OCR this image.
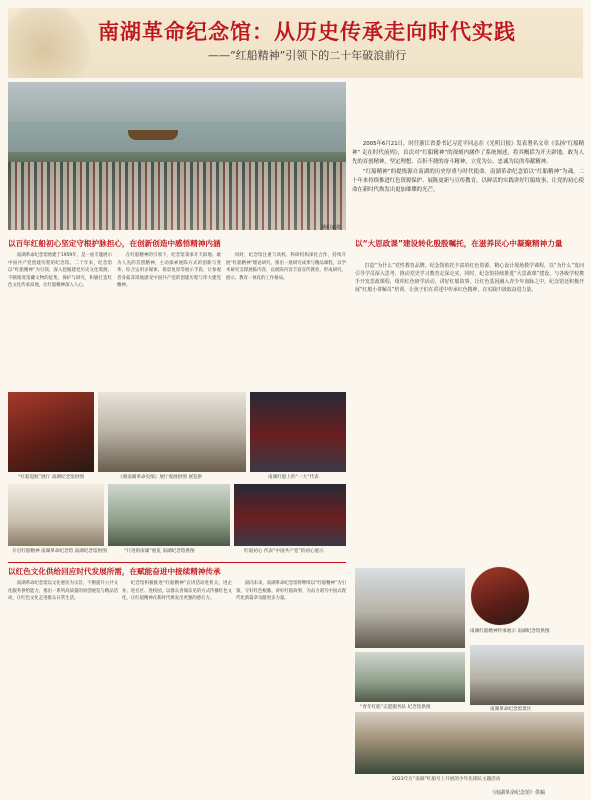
南湖革命纪念馆：从历史传承走向时代实践
——“红船精神”引领下的二十年破浪前行
潘明斌摄

2005年6月21日，时任浙江省委书记习近平同志在《光明日报》发表署名文章《弘扬“红船精神” 走在时代前列》，首次对“红船精神”的深刻内涵作了系统阐述，将其概括为开天辟地、敢为人先的首创精神，坚定理想、百折不挠的奋斗精神，立党为公、忠诚为民的奉献精神。

“红船精神”的提炼源自南湖的历史厚重与时代使命。南湖革命纪念馆以“红船精神”为魂，二十年来持续推进红色资源保护、展陈更新与宣传教育，以鲜活的实践讲好红船故事，让党的初心使命在新时代焕发出更加璀璨的光芒。

以百年红船初心坚定守根护脉担心，在创新创造中感悟精神内涵

南湖革命纪念馆始建于1959年，是一座专题展示中国共产党创建历程的纪念馆。二十年来，纪念馆以“红船精神”为引领，深入挖掘建党历史文化资源，不断推进馆藏文物的征集、保护与研究，积极打造红色文化传承高地，让红船精神深入人心。

在红船精神的引领下，纪念馆秉承开天辟地、敢为人先的首创精神，主动探索展陈方式的创新与变革，综合运用多媒体、场景复原等展示手段，让参观者身临其境地感受中国共产党的创建历程与伟大建党精神。

同时，纪念馆注重与高校、科研机构深化合作，持续开展“红船精神”理论研究，推出一批研究成果与精品课程，以学术研究支撑展陈内容，以展陈内容丰富宣传教育，形成研究、展示、教育一体化的工作格局。

“红船起航”展厅 南湖纪念馆供图	《栗南湖革命史绩》展厅观展供图 展览供	南湖红船上的“一大”代表
开启红船精神 南湖革命纪念馆 南湖纪念馆供图	“行进的南湖”展览 南湖纪念馆供图	红船初心 代表“中国共产党”的初心展示
以“大思政课”建设转化殷殷嘱托，在滋养民心中凝聚精神力量

打造“为什么”党性教育品牌。纪念馆依托丰富的红色资源，精心设计现场教学课程，以“为什么”发问引导学员深入思考，推动党史学习教育走深走实。同时，纪念馆持续推进“大思政课”建设，与各级学校携手开发思政课程，组织红色研学活动，讲好红船故事，让红色基因融入青少年血脉之中。纪念馆还积极开展“红船小讲解员”培训，让孩子们在讲述中传承红色精神，在实践中汲取奋进力量。

以红色文化供给回应时代发展所需，在赋能奋进中接续精神传承

南湖革命纪念馆以文化惠民为宗旨，不断提升公共文化服务供给能力，推出一系列高质量的原创展览与精品活动，让红色文化走进群众日常生活。

纪念馆积极推进“红船精神”宣讲活动进机关、进企业、进社区、进校园，以群众喜闻乐见的方式传播红色文化，让红船精神在新时代焕发出更强的感召力。

面向未来，南湖革命纪念馆将继续以“红船精神”为引领，守好红色根脉，讲好红船故事，为奋力谱写中国式现代化新篇章贡献更多力量。

南湖红船精神传承展示 南湖纪念馆供图
“青年红船”志愿服务队 纪念馆供图	南湖革命纪念馆景区
2023年在“南湖”红船号上开展的少年先锋队主题活动
《南湖革命纪念馆》供稿
